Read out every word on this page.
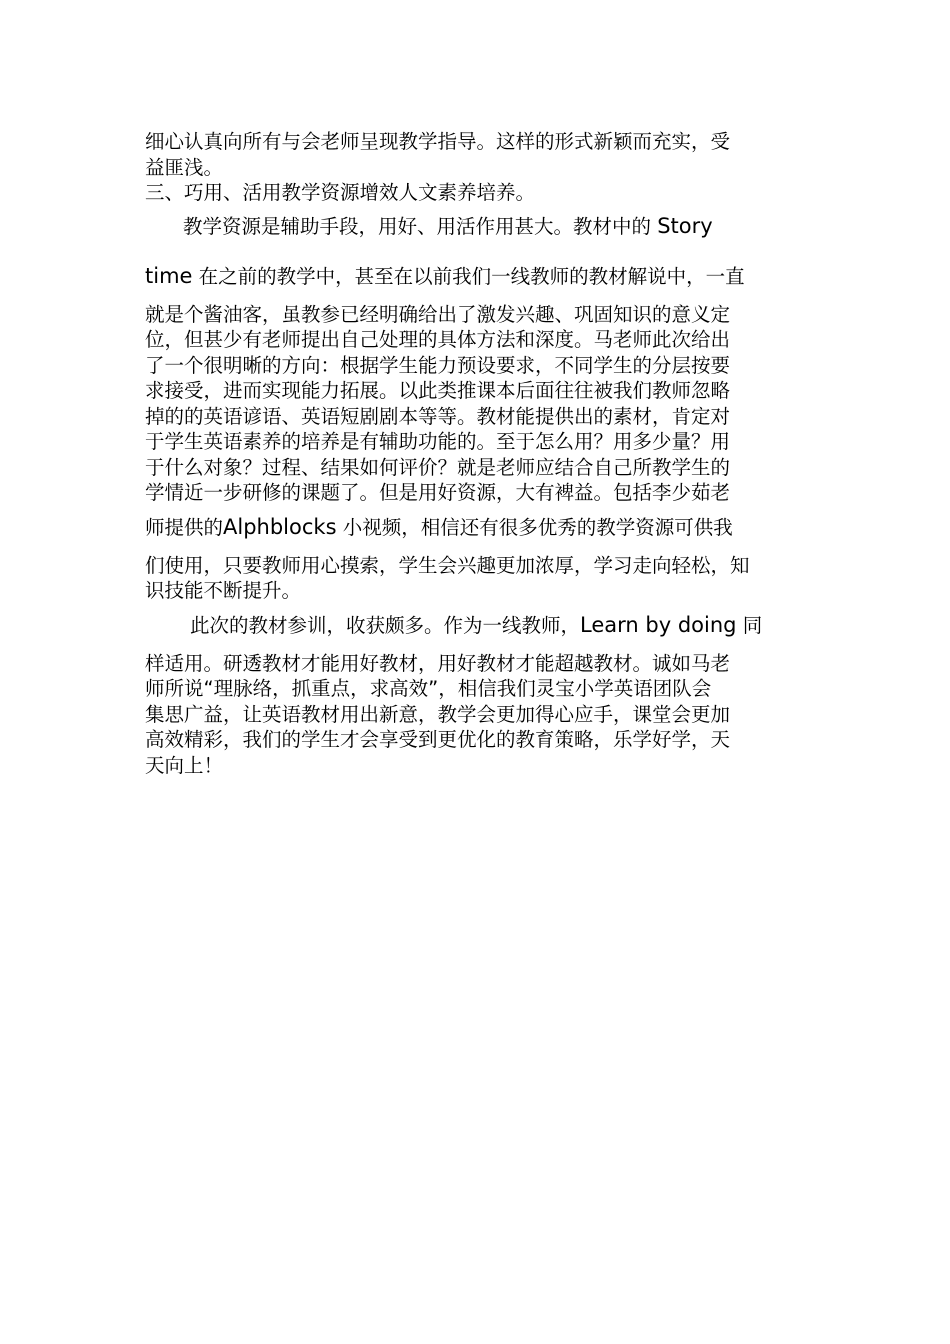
细心认真向所有与会老师呈现教学指导。这样的形式新颖而充实，受
益匪浅。
三、巧用、活用教学资源增效人文素养培养。
教学资源是辅助手段，用好、用活作用甚大。教材中的 Story
time 在之前的教学中，甚至在以前我们一线教师的教材解说中，一直
就是个酱油客，虽教参已经明确给出了激发兴趣、巩固知识的意义定
位，但甚少有老师提出自己处理的具体方法和深度。马老师此次给出
了一个很明晰的方向：根据学生能力预设要求，不同学生的分层按要
求接受，进而实现能力拓展。以此类推课本后面往往被我们教师忽略
掉的的英语谚语、英语短剧剧本等等。教材能提供出的素材，肯定对
于学生英语素养的培养是有辅助功能的。至于怎么用？用多少量？用
于什么对象？过程、结果如何评价？就是老师应结合自己所教学生的
学情近一步研修的课题了。但是用好资源，大有裨益。包括李少茹老
师提供的Alphblocks 小视频，相信还有很多优秀的教学资源可供我
们使用，只要教师用心摸索，学生会兴趣更加浓厚，学习走向轻松，知
识技能不断提升。
此次的教材参训，收获颇多。作为一线教师，Learn by doing 同
样适用。研透教材才能用好教材，用好教材才能超越教材。诚如马老
师所说“理脉络，抓重点，求高效”，相信我们灵宝小学英语团队会
集思广益，让英语教材用出新意，教学会更加得心应手，课堂会更加
高效精彩，我们的学生才会享受到更优化的教育策略，乐学好学，天
天向上！
